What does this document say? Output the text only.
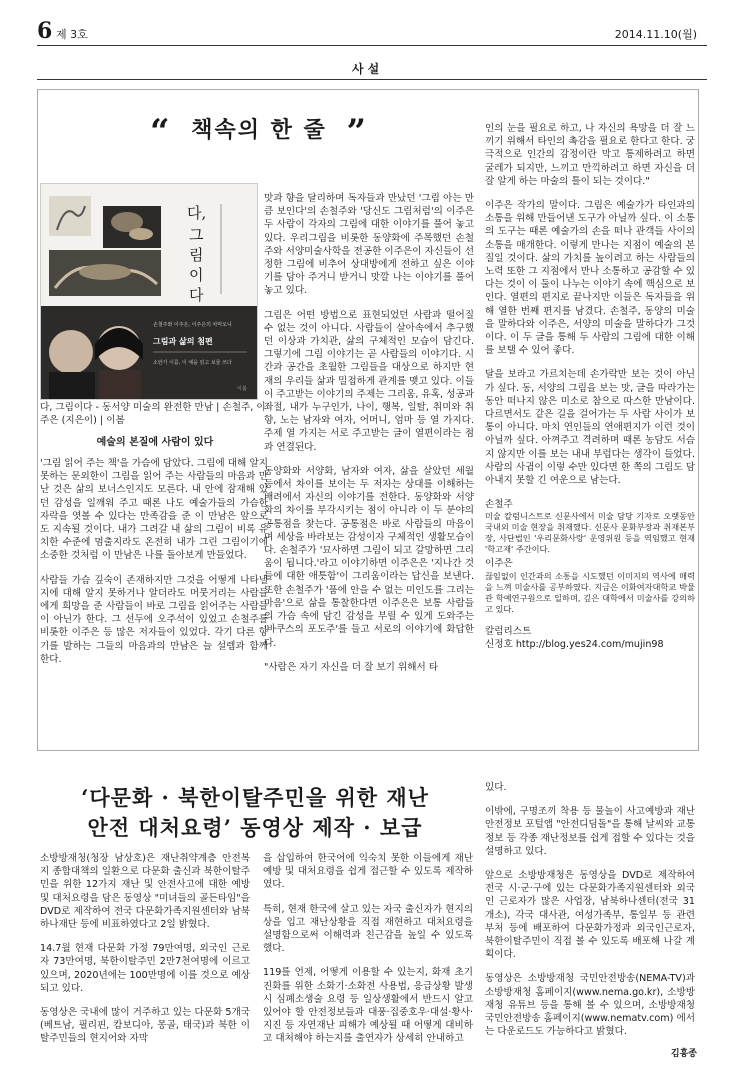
6 제 3호	2014.11.10(월)
사설
“ 책속의 한 줄 ”
다,
그
림
이
다
손철주와 이주은, 이주은의 차마오니
그림과 삶의 첨편
소란가 이름, 이 예을 읽고 보물 쓰다
이봄
다, 그림이다 - 동서양 미술의 완전한 만남 | 손철주, 이주은 (지은이) | 이봄
예술의 본질에 사람이 있다

'그림 읽어 주는 책'을 가슴에 담았다. 그림에 대해 알지 못하는 문외한이 그림을 읽어 주는 사람들의 마음과 만난 것은 삶의 보너스인지도 모른다. 내 안에 잠재해 있던 감성을 일깨워 주고 때론 나도 예술가들의 가슴한 자락을 엿볼 수 있다는 만족감을 준 이 만남은 앞으로도 지속될 것이다. 내가 그려갈 내 삶의 그림이 비록 유치한 수준에 멈출지라도 온전히 내가 그린 그림이기에 소중한 것처럼 이 만남은 나를 돌아보게 만들었다.

사람들 가슴 깊숙이 존재하지만 그것을 어떻게 나타낼지에 대해 알지 못하거나 알더라도 머뭇거리는 사람들에게 희망을 준 사람들이 바로 그림을 읽어주는 사람들이 아닌가 한다. 그 선두에 오주석이 있었고 손철주를 비롯한 이주은 등 많은 저자들이 있었다. 각기 다른 향기를 발하는 그들의 마음과의 만남은 늘 설렘과 함께 한다.

맛과 향을 달리하며 독자들과 만났던 '그림 아는 만큼 보인다'의 손철주와 '당신도 그림처럼'의 이주은 두 사람이 각자의 그림에 대한 이야기를 풀어 놓고 있다. 우리그림을 비롯한 동양화에 주목했던 손철주와 서양미술사학을 전공한 이주은이 자신들이 선정한 그림에 비추어 상대방에게 전하고 싶은 이야기를 담아 주거니 받거니 맛깔 나는 이야기를 풀어놓고 있다.

그림은 어떤 방법으로 표현되었던 사람과 떨어질 수 없는 것이 아니다. 사람들이 살아속에서 추구했던 이상과 가치관, 삶의 구체적인 모습이 담긴다. 그렇기에 그림 이야기는 곧 사람들의 이야기다. 시간과 공간을 초월한 그림들을 대상으로 하지만 현재의 우리들 삶과 밀접하게 관계를 맺고 있다. 이들이 주고받는 이야기의 주제는 그리움, 유혹, 성공과 좌절, 내가 누구인가, 나이, 행복, 일탈, 취미와 취향, 노는 남자와 여자, 어머니, 엄마 등 열 가지다. 주제 열 가지는 서로 주고받는 글이 열편이라는 점과 연결된다.

동양화와 서양화, 남자와 여자, 삶을 살았던 세월 등에서 차이를 보이는 두 저자는 상대를 이해하는 배려에서 자신의 이야기를 전한다. 동양화와 서양화의 차이를 부각시키는 점이 아니라 이 두 분야의 공통점을 찾는다. 공통점은 바로 사람들의 마음이며 세상을 바라보는 감성이자 구체적인 생활모습이다. 손철주가 '묘사하면 그림이 되고 갈망하면 그리움이 됩니다.'라고 이야기하면 이주은은 '지나간 것들에 대한 애틋함'이 그리움이라는 답신을 보낸다. 또한 손철주가 '품에 안을 수 없는 미인도를 그리는 마음'으로 삶을 통찰한다면 이주은은 보통 사람들의 가슴 속에 담긴 감성을 부릴 수 있게 도와주는 '바쿠스의 포도주'를 들고 서로의 이야기에 화답한다.

"사람은 자기 자신을 더 잘 보기 위해서 타

인의 눈을 필요로 하고, 나 자신의 욕망을 더 잘 느끼기 위해서 타인의 촉감을 필요로 한다고 한다. 궁극적으로 인간의 감정이란 막고 통제하려고 하면 굴레가 되지만, 느끼고 만끽하려고 하면 자신을 더 잘 알게 하는 마술의 틀이 되는 것이다."

이주은 작가의 말이다. 그림은 예술가가 타인과의 소통을 위해 만들어낸 도구가 아닐까 싶다. 이 소통의 도구는 때론 예술가의 손을 떠나 관객들 사이의 소통을 매개한다. 이렇게 만나는 지점이 예술의 본질일 것이다. 삶의 가치를 높이려고 하는 사람들의 노력 또한 그 지점에서 만나 소통하고 공감할 수 있다는 것이 이 둘이 나누는 이야기 속에 핵심으로 보인다. 열편의 편지로 끝나지만 이들은 독자들을 위해 열한 번째 편지를 남겼다. 손철주, 동양의 미술을 말하다와 이주은, 서양의 미술을 말하다가 그것이다. 이 두 글을 통해 두 사람의 그림에 대한 이해를 보탤 수 있어 좋다.

달을 보라고 가르치는데 손가락만 보는 것이 아닌가 싶다. 동, 서양의 그림을 보는 맛, 글을 따라가는 동안 떠나지 않은 미소로 참으로 따스한 만남이다. 다르면서도 같은 길을 걸어가는 두 사람 사이가 보통이 아니다. 마치 연인들의 연애편지가 이런 것이 아닐까 싶다. 아껴주고 격려하며 때론 농담도 서슴지 않지만 이를 보는 내내 부럽다는 생각이 들었다. 사람의 사귐이 이렇 수만 있다면 한 쪽의 그림도 담아내지 못할 긴 여운으로 남는다.

손철주
미술 칼럼니스트로 신문사에서 미술 담당 기자로 오랫동안 국내외 미술 현장을 취재했다. 신문사 문화부장과 취재본부장, 사단법인 '우리문화사랑' 운영위원 등을 역임했고 현재 '학고재' 주간이다.
이주은
끊임없이 인간과의 소통을 시도했던 이미지의 역사에 매력을 느껴 미술사를 공부하였다. 지금은 이화여자대학교 박물관 학예연구원으로 일하며, 깊은 대학에서 미술사를 강의하고 있다.
칼럼리스트
신정호 http://blog.yes24.com/mujin98
‘다문화 · 북한이탈주민을 위한 재난
안전 대처요령’ 동영상 제작 · 보급

소방방재청(청장 남상호)은 재난취약계층 안전복지 종합대책의 일환으로 다문화 출신과 북한이탈주민을 위한 12가지 재난 및 안전사고에 대한 예방 및 대처요령을 담은 동영상 "미녀들의 골든타임"을 DVD로 제작하여 전국 다문화가족지원센터와 남북하나재단 등에 비표하였다고 2일 밝혔다.

14.7월 현재 다문화 가정 79만여명, 외국인 근로자 73만여명, 북한이탈주민 2만7천여명에 이르고 있으며, 2020년에는 100만명에 이를 것으로 예상되고 있다.

동영상은 국내에 많이 거주하고 있는 다문화 5개국(베트남, 필리핀, 캄보디아, 몽골, 태국)과 북한 이탈주민들의 현지어와 자막

을 삽입하여 한국어에 익숙치 못한 이들에게 재난예방 및 대처요령을 쉽게 접근할 수 있도록 제작하였다.

특히, 현재 한국에 살고 있는 자국 출신자가 현지의상을 입고 재난상황을 직접 재현하고 대처요령을 설명함으로써 이해력과 친근감을 높일 수 있도록 했다.

119를 언제, 어떻게 이용할 수 있는지, 화재 초기진화를 위한 소화기·소화전 사용법, 응급상황 발생시 심폐소생술 요령 등 일상생활에서 반드시 알고 있어야 할 안전정보들과 대풍·집중호우·대설·황사·지진 등 자연재난 피해가 예상될 때 어떻게 대비하고 대처해야 하는지를 출연자가 상세히 안내하고

있다.

이밖에, 구명조끼 착용 등 물놀이 사고예방과 재난안전정보 포털앱 "안전디딤돌"을 통해 날씨와 교통정보 등 각종 재난정보를 쉽게 접할 수 있다는 것을 설명하고 있다.

앞으로 소방방재청은 동영상을 DVD로 제작하여 전국 시·군·구에 있는 다문화가족지원센터와 외국인 근로자가 많은 사업장, 남북하나센터(전국 31개소), 각국 대사관, 여성가족부, 통일부 등 관련 부처 등에 배포하여 다문화가정과 외국인근로자, 북한이탈주민이 직접 볼 수 있도록 배포해 나갈 계획이다.

동영상은 소방방재청 국민안전방송(NEMA-TV)과 소방방재청 홈페이지(www.nema.go.kr), 소방방재청 유튜브 등을 통해 볼 수 있으며, 소방방재청 국민안전방송 홈페이지(www.nematv.com) 에서는 다운로드도 가능하다고 밝혔다.

김흥종
